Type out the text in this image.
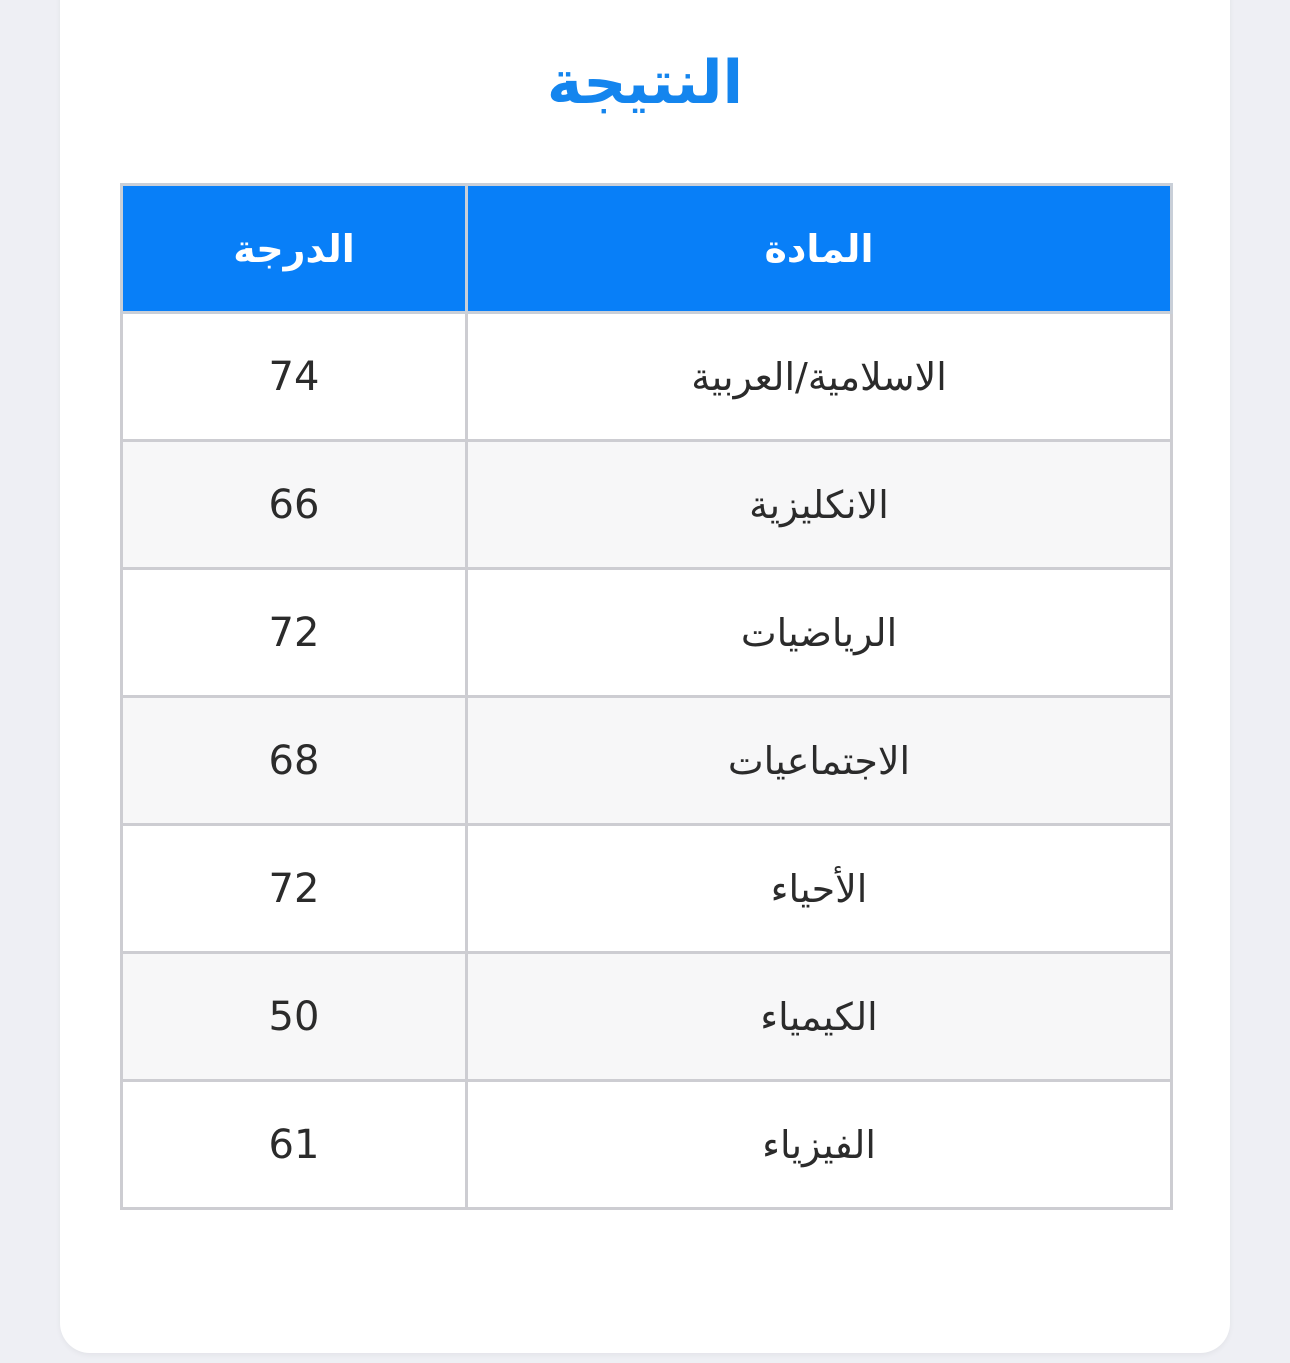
النتيجة
المادة	الدرجة
الاسلامية/العربية	74
الانكليزية	66
الرياضيات	72
الاجتماعيات	68
الأحياء	72
الكيمياء	50
الفيزياء	61
